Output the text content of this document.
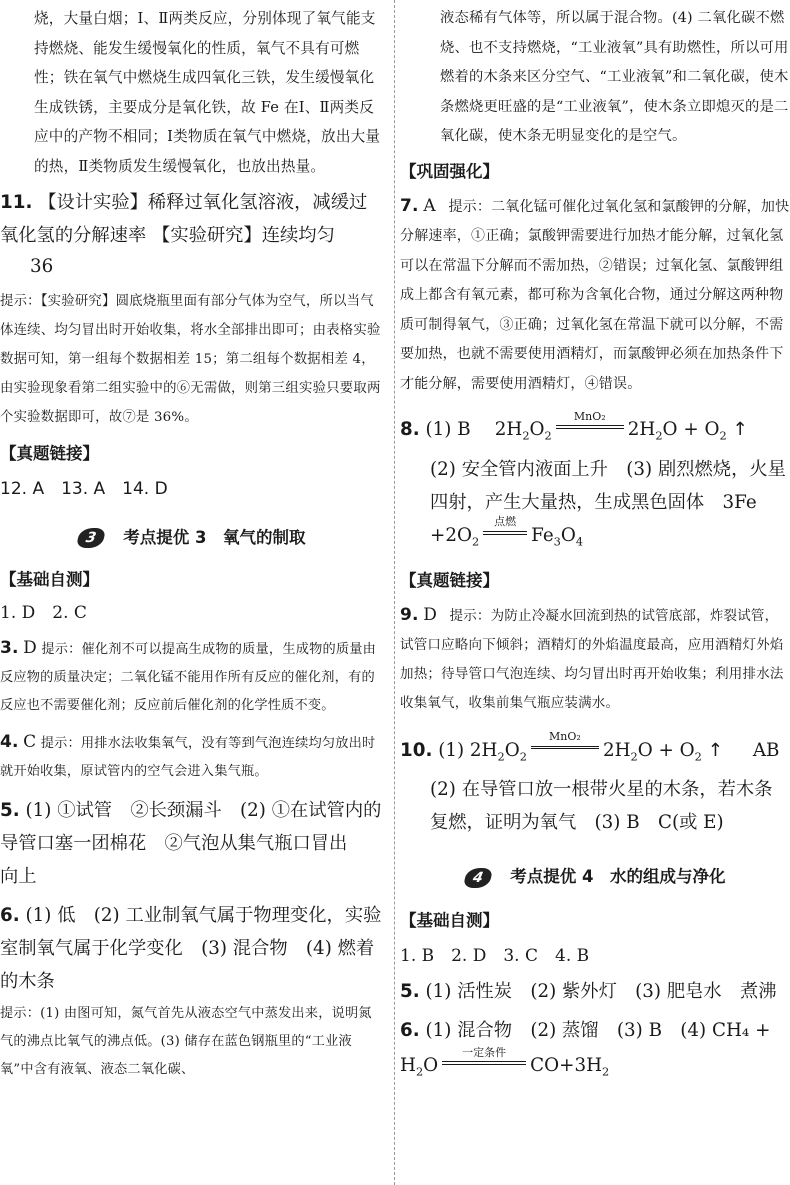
烧，大量白烟；Ⅰ、Ⅱ两类反应，分别体现了氧气能支持燃烧、能发生缓慢氧化的性质，氧气不具有可燃性；铁在氧气中燃烧生成四氧化三铁，发生缓慢氧化生成铁锈，主要成分是氧化铁，故 Fe 在Ⅰ、Ⅱ两类反应中的产物不相同；Ⅰ类物质在氧气中燃烧，放出大量的热，Ⅱ类物质发生缓慢氧化，也放出热量。
11. 【设计实验】稀释过氧化氢溶液，减缓过氧化氢的分解速率 【实验研究】连续均匀
36
提示：【实验研究】圆底烧瓶里面有部分气体为空气，所以当气体连续、均匀冒出时开始收集，将水全部排出即可；由表格实验数据可知，第一组每个数据相差 15；第二组每个数据相差 4，由实验现象看第二组实验中的⑥无需做，则第三组实验只要取两个实验数据即可，故⑦是 36%。
【真题链接】
12. A　13. A　14. D
3 考点提优 3　氧气的制取
【基础自测】
1. D　2. C
3. D 提示：催化剂不可以提高生成物的质量，生成物的质量由反应物的质量决定；二氧化锰不能用作所有反应的催化剂，有的反应也不需要催化剂；反应前后催化剂的化学性质不变。
4. C 提示：用排水法收集氧气，没有等到气泡连续均匀放出时就开始收集，原试管内的空气会进入集气瓶。
5. (1) ①试管　②长颈漏斗　(2) ①在试管内的导管口塞一团棉花　②气泡从集气瓶口冒出　向上
6. (1) 低　(2) 工业制氧气属于物理变化，实验室制氧气属于化学变化　(3) 混合物　(4) 燃着的木条
提示：(1) 由图可知，氮气首先从液态空气中蒸发出来，说明氮气的沸点比氧气的沸点低。(3) 储存在蓝色钢瓶里的“工业液氧”中含有液氧、液态二氧化碳、
液态稀有气体等，所以属于混合物。(4) 二氧化碳不燃烧、也不支持燃烧，“工业液氧”具有助燃性，所以可用燃着的木条来区分空气、“工业液氧”和二氧化碳，使木条燃烧更旺盛的是“工业液氧”，使木条立即熄灭的是二氧化碳，使木条无明显变化的是空气。
【巩固强化】
7. A 提示：二氧化锰可催化过氧化氢和氯酸钾的分解，加快分解速率，①正确；氯酸钾需要进行加热才能分解，过氧化氢可以在常温下分解而不需加热，②错误；过氧化氢、氯酸钾组成上都含有氧元素，都可称为含氧化合物，通过分解这两种物质可制得氧气，③正确；过氧化氢在常温下就可以分解，不需要加热，也就不需要使用酒精灯，而氯酸钾必须在加热条件下才能分解，需要使用酒精灯，④错误。
8. (1) B　 $2H_2O_2$
MnO₂
$2H_2O + O_2$ ↑
(2) 安全管内液面上升　(3) 剧烈燃烧，火星四射，产生大量热，生成黑色固体　3Fe
$+2O_2$
点燃
$Fe_3O_4$
【真题链接】
9. D 提示：为防止冷凝水回流到热的试管底部，炸裂试管，试管口应略向下倾斜；酒精灯的外焰温度最高，应用酒精灯外焰加热；待导管口气泡连续、均匀冒出时再开始收集；利用排水法收集氧气，收集前集气瓶应装满水。
10. (1) $2H_2O_2$
MnO₂
$2H_2O + O_2$ ↑ AB
(2) 在导管口放一根带火星的木条，若木条复燃，证明为氧气　(3) B　C(或 E)
4 考点提优 4　水的组成与净化
【基础自测】
1. B　2. D　3. C　4. B
5. (1) 活性炭　(2) 紫外灯　(3) 肥皂水　煮沸
6. (1) 混合物　(2) 蒸馏　(3) B　(4) CH₄ +
$H_2O$
一定条件
$CO+3H_2$
